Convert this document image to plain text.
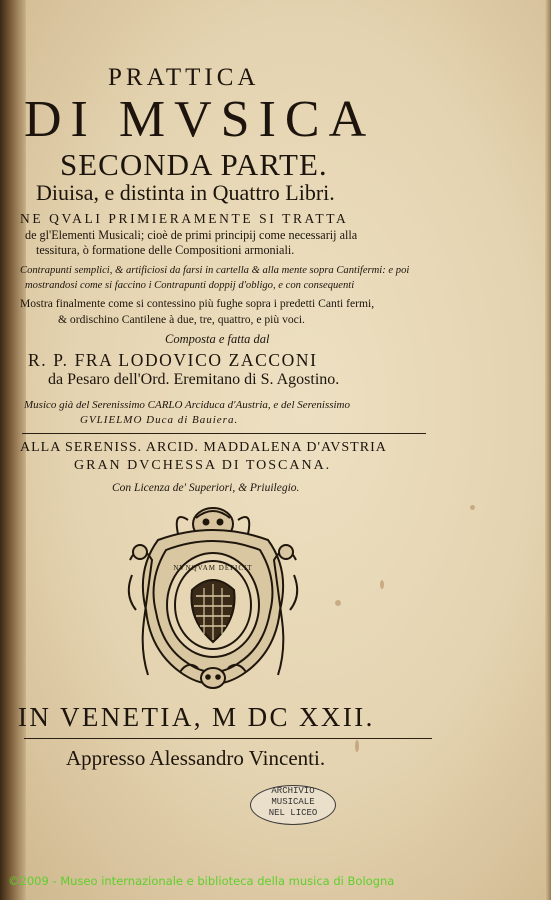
PRATTICA
DI MVSICA
SECONDA PARTE.
Diuisa, e distinta in Quattro Libri.
NE QVALI PRIMIERAMENTE SI TRATTA
de gl'Elementi Musicali; cioè de primi principij come necessarij alla
tessitura, ò formatione delle Compositioni armoniali.
Contrapunti semplici, & artificiosi da farsi in cartella & alla mente sopra Cantifermi: e poi
mostrandosi come si faccino i Contrapunti doppij d'obligo, e con consequenti
Mostra finalmente come si contessino più fughe sopra i predetti Canti fermi,
& ordischino Cantilene à due, tre, quattro, e più voci.
Composta e fatta dal
R. P. FRA LODOVICO ZACCONI
da Pesaro dell'Ord. Eremitano di S. Agostino.
Musico già del Serenissimo CARLO Arciduca d'Austria, e del Serenissimo
GVLIELMO Duca di Bauiera.
ALLA SERENISS. ARCID. MADDALENA D'AVSTRIA
GRAN DVCHESSA DI TOSCANA.
Con Licenza de' Superiori, & Priuilegio.
NVNQVAM DEFICIT
IN VENETIA, M DC XXII.
Appresso Alessandro Vincenti.
ARCHIVIO
MUSICALE
NEL LICEO
©2009 - Museo internazionale e biblioteca della musica di Bologna
